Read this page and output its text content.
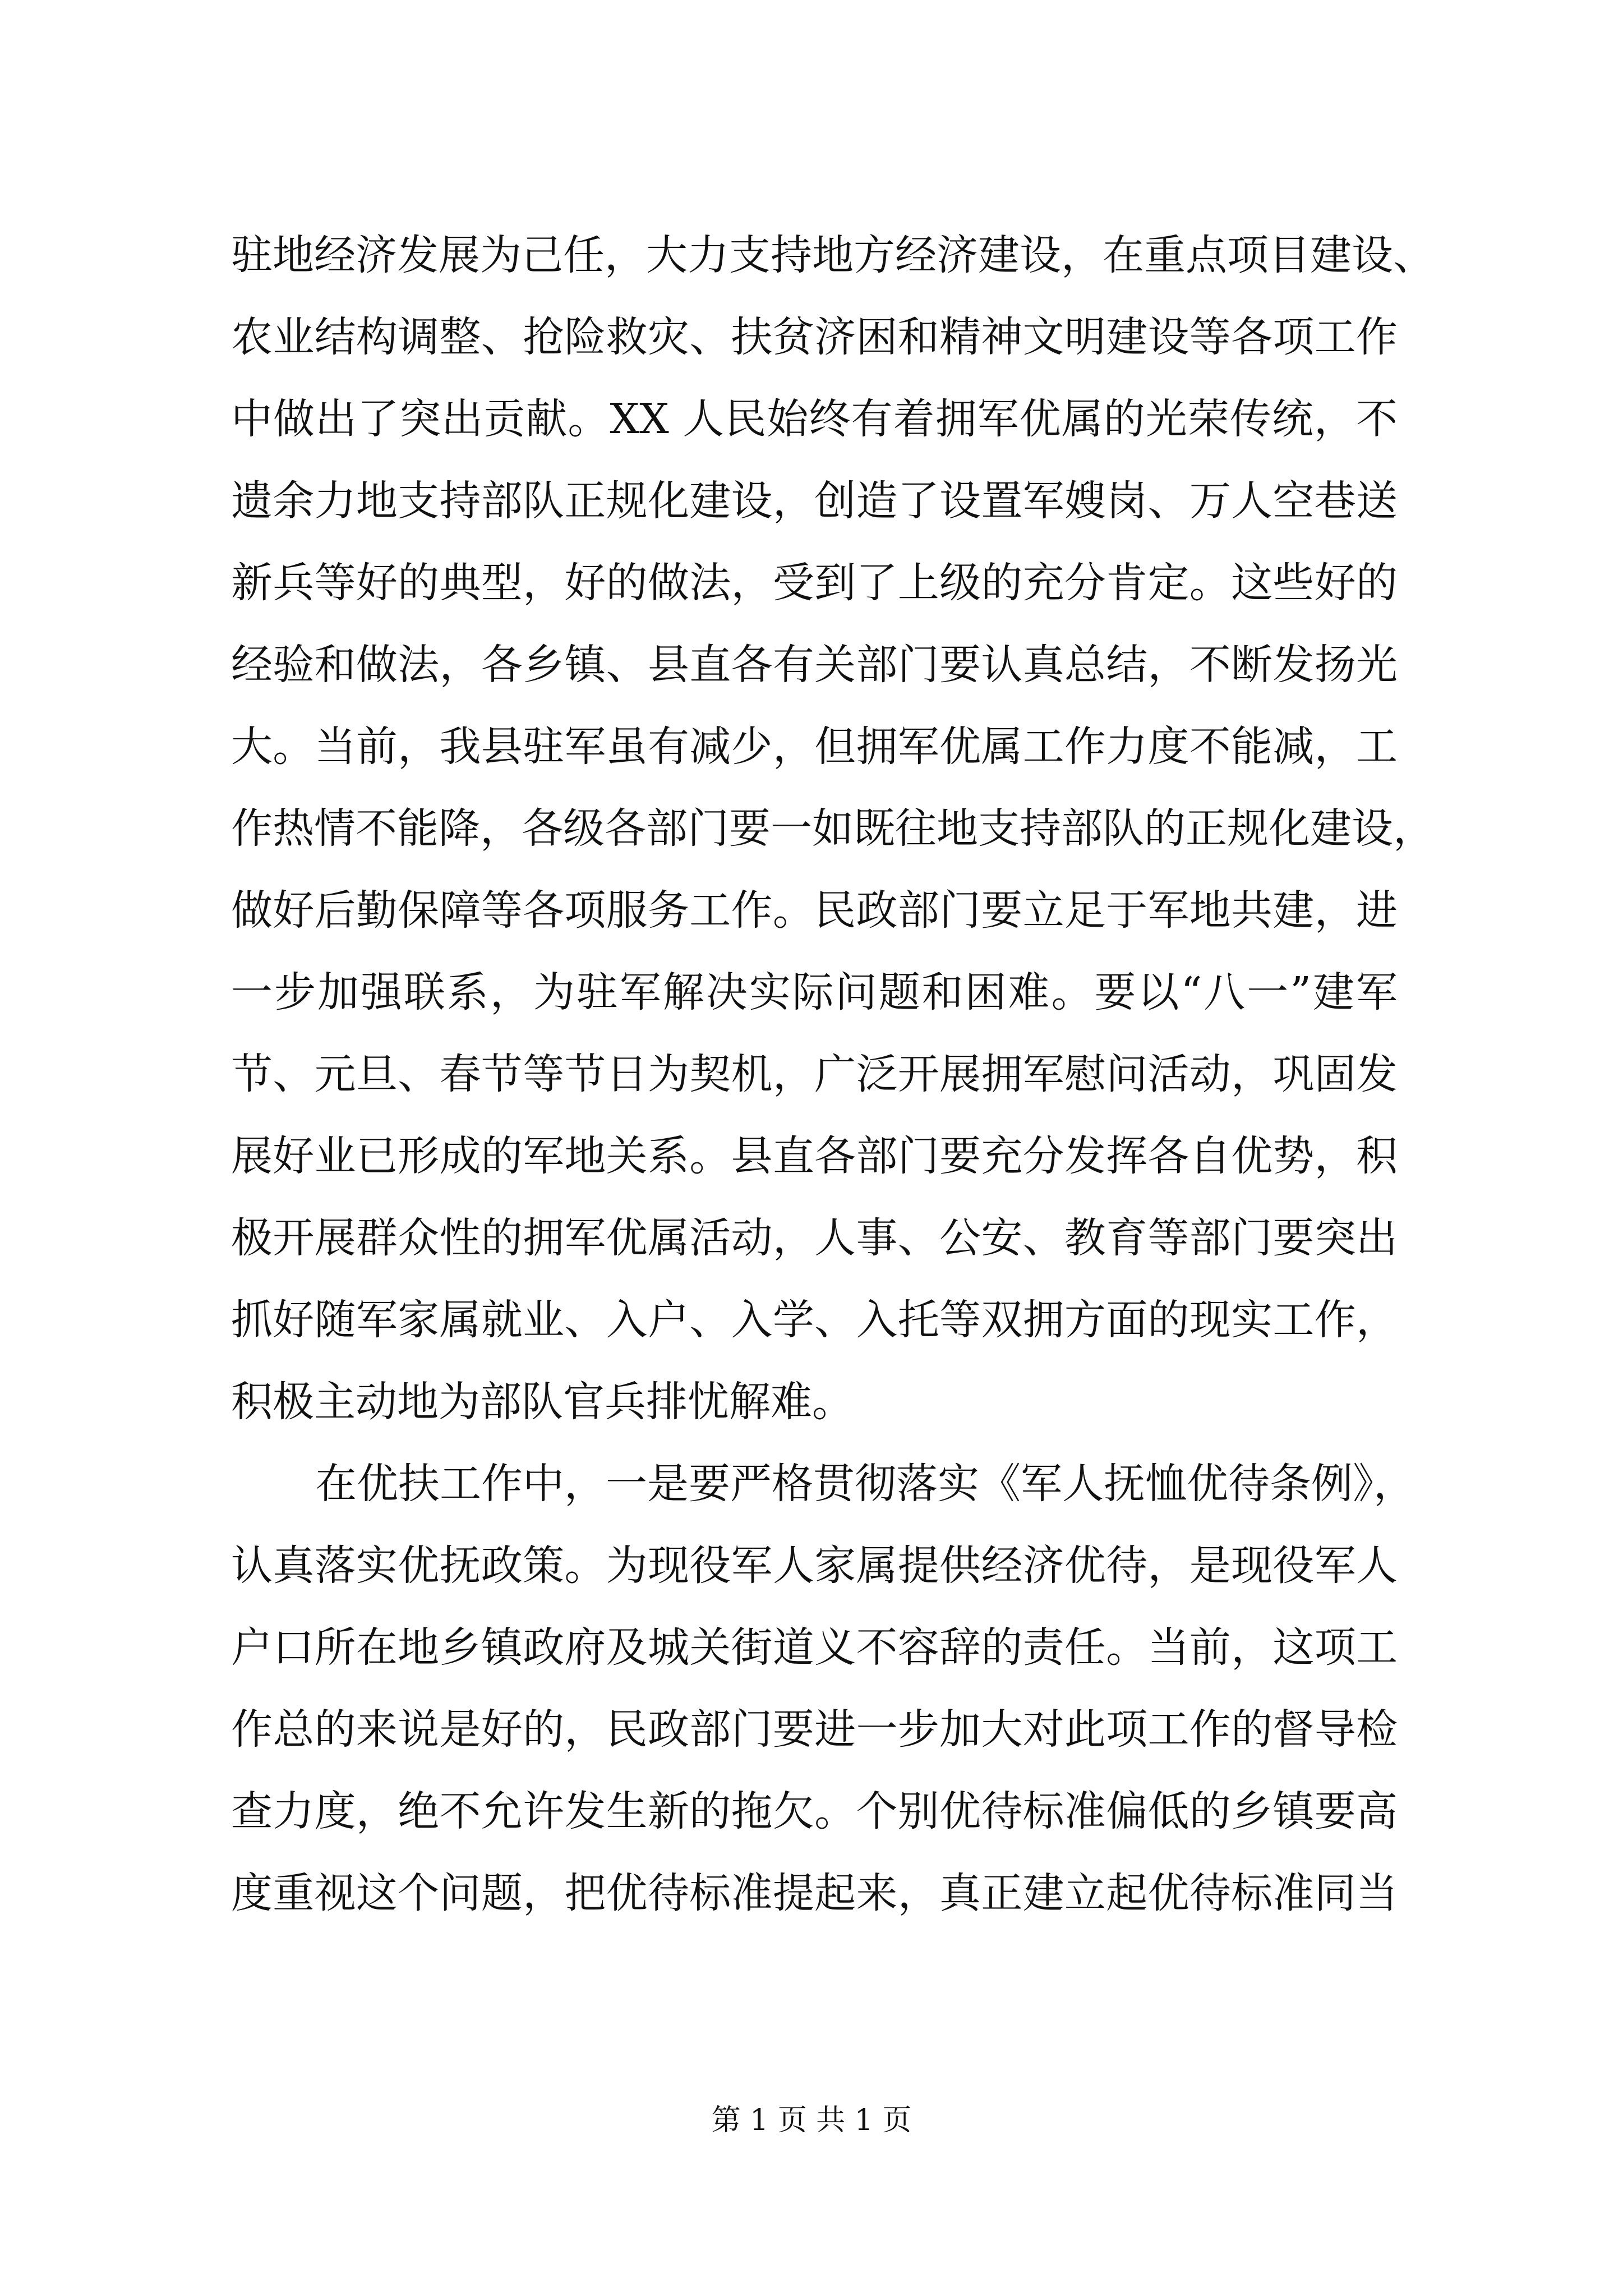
驻地经济发展为己任，大力支持地方经济建设，在重点项目建设、
农业结构调整、抢险救灾、扶贫济困和精神文明建设等各项工作
中做出了突出贡献。XX 人民始终有着拥军优属的光荣传统，不
遗余力地支持部队正规化建设，创造了设置军嫂岗、万人空巷送
新兵等好的典型，好的做法，受到了上级的充分肯定。这些好的
经验和做法，各乡镇、县直各有关部门要认真总结，不断发扬光
大。当前，我县驻军虽有减少，但拥军优属工作力度不能减，工
作热情不能降，各级各部门要一如既往地支持部队的正规化建设，
做好后勤保障等各项服务工作。民政部门要立足于军地共建，进
一步加强联系，为驻军解决实际问题和困难。要以“八一”建军
节、元旦、春节等节日为契机，广泛开展拥军慰问活动，巩固发
展好业已形成的军地关系。县直各部门要充分发挥各自优势，积
极开展群众性的拥军优属活动，人事、公安、教育等部门要突出
抓好随军家属就业、入户、入学、入托等双拥方面的现实工作，
积极主动地为部队官兵排忧解难。
在优扶工作中，一是要严格贯彻落实《军人抚恤优待条例》，
认真落实优抚政策。为现役军人家属提供经济优待，是现役军人
户口所在地乡镇政府及城关街道义不容辞的责任。当前，这项工
作总的来说是好的，民政部门要进一步加大对此项工作的督导检
查力度，绝不允许发生新的拖欠。个别优待标准偏低的乡镇要高
度重视这个问题，把优待标准提起来，真正建立起优待标准同当
第 1 页 共 1 页
